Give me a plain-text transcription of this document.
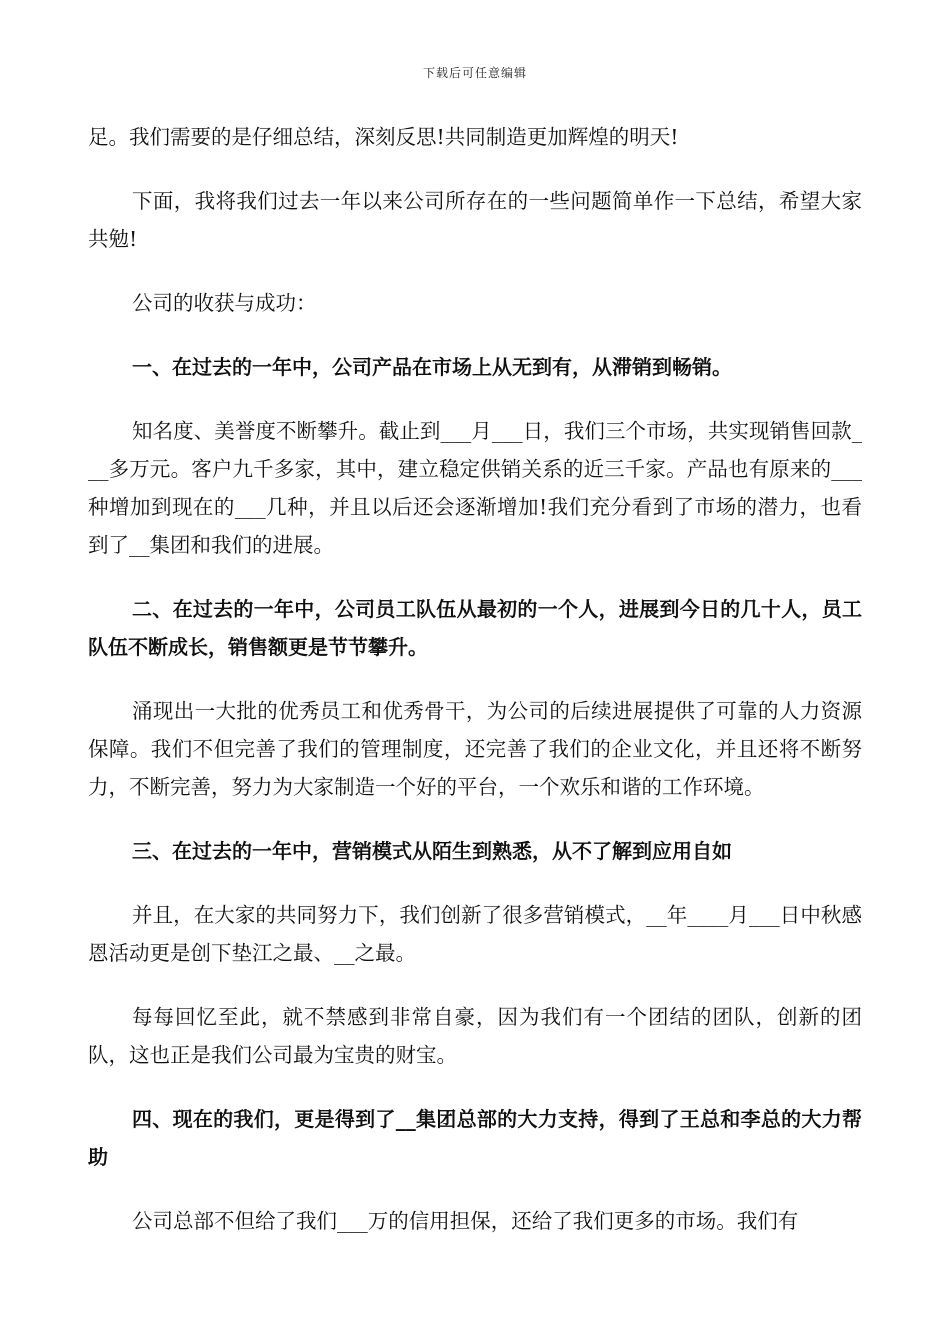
下载后可任意编辑

足。我们需要的是仔细总结，深刻反思!共同制造更加辉煌的明天!

下面，我将我们过去一年以来公司所存在的一些问题简单作一下总结，希望大家共勉!

公司的收获与成功：

一、在过去的一年中，公司产品在市场上从无到有，从滞销到畅销。

知名度、美誉度不断攀升。截止到___月___日，我们三个市场，共实现销售回款___多万元。客户九千多家，其中，建立稳定供销关系的近三千家。产品也有原来的___种增加到现在的___几种，并且以后还会逐渐增加!我们充分看到了市场的潜力，也看到了__集团和我们的进展。

二、在过去的一年中，公司员工队伍从最初的一个人，进展到今日的几十人，员工队伍不断成长，销售额更是节节攀升。

涌现出一大批的优秀员工和优秀骨干，为公司的后续进展提供了可靠的人力资源保障。我们不但完善了我们的管理制度，还完善了我们的企业文化，并且还将不断努力，不断完善，努力为大家制造一个好的平台，一个欢乐和谐的工作环境。

三、在过去的一年中，营销模式从陌生到熟悉，从不了解到应用自如

并且，在大家的共同努力下，我们创新了很多营销模式，__年____月___日中秋感恩活动更是创下垫江之最、__之最。

每每回忆至此，就不禁感到非常自豪，因为我们有一个团结的团队，创新的团队，这也正是我们公司最为宝贵的财宝。

四、现在的我们，更是得到了__集团总部的大力支持，得到了王总和李总的大力帮助

公司总部不但给了我们___万的信用担保，还给了我们更多的市场。我们有
